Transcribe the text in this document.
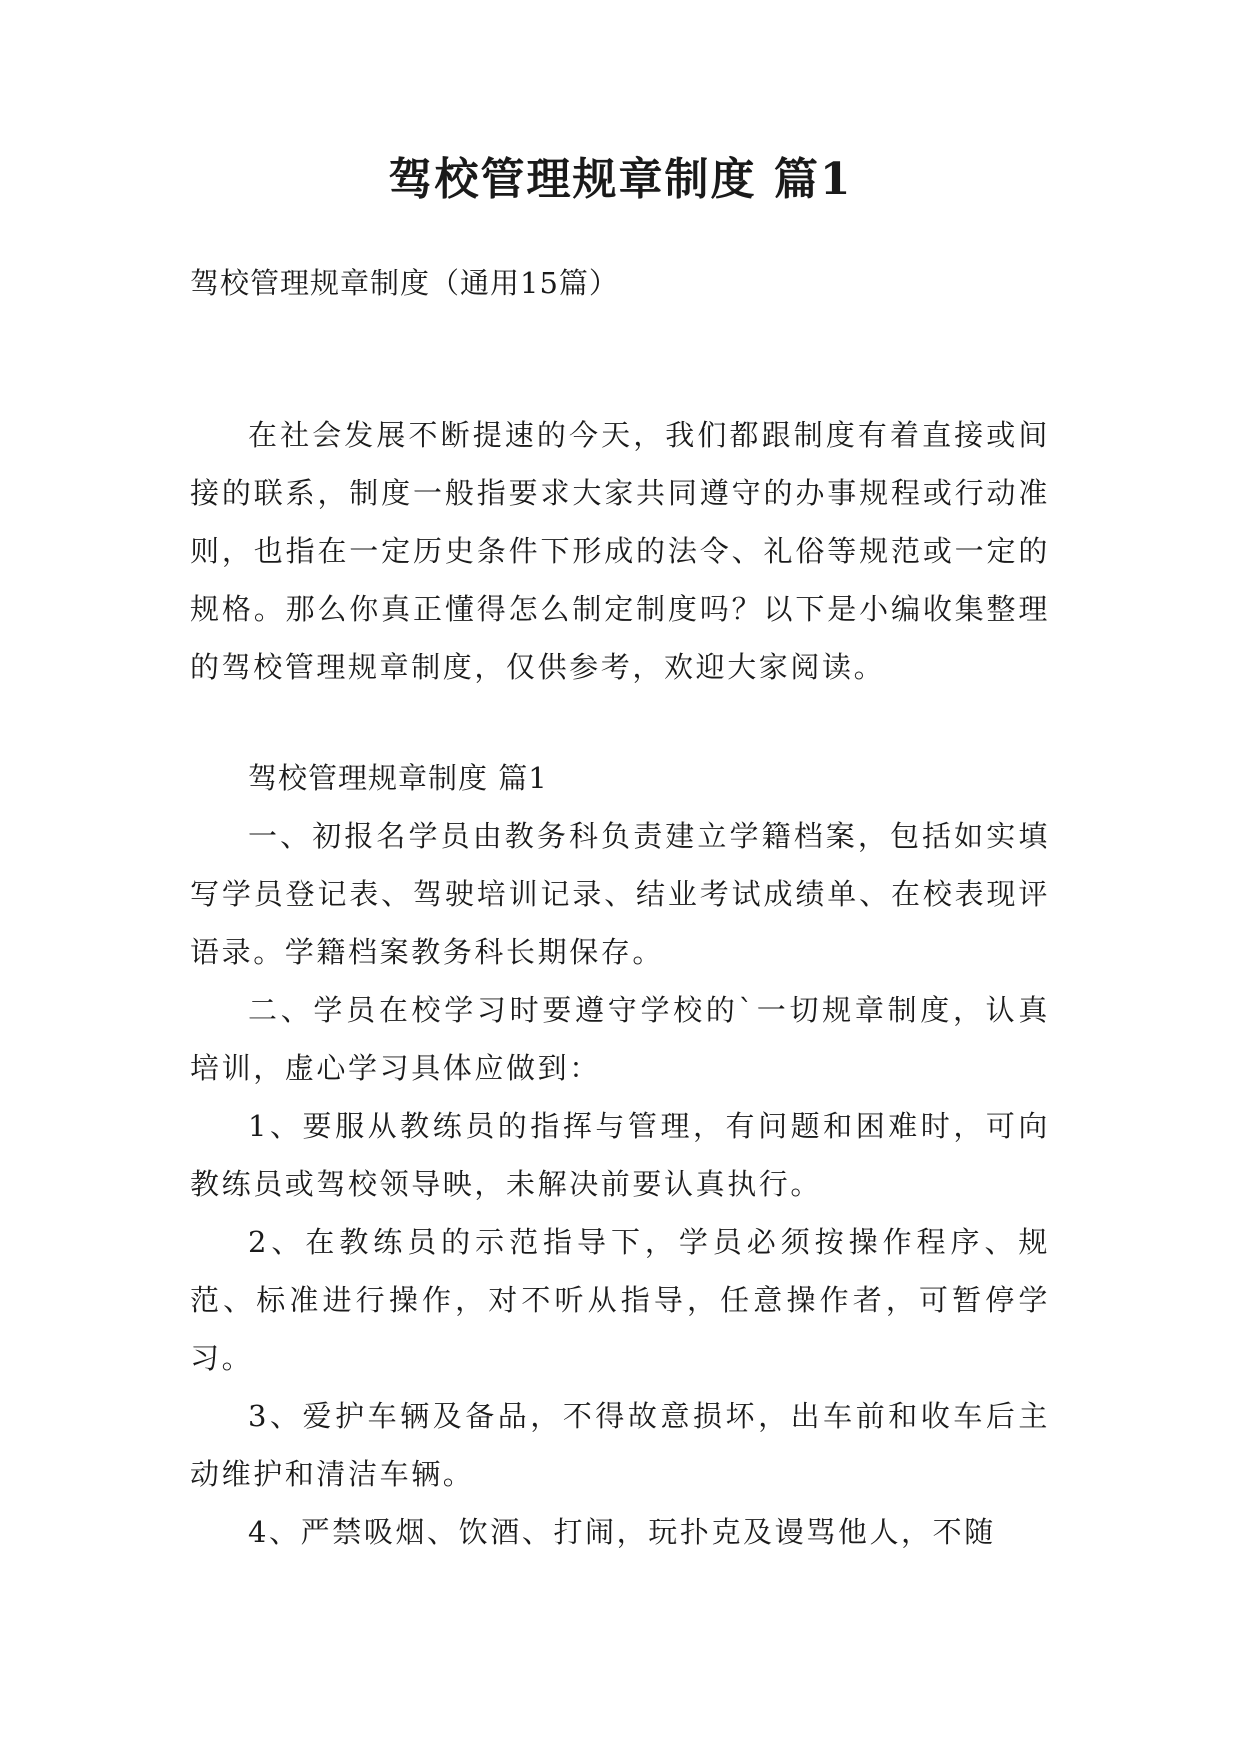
驾校管理规章制度 篇1

驾校管理规章制度（通用15篇）

在社会发展不断提速的今天，我们都跟制度有着直接或间接的联系，制度一般指要求大家共同遵守的办事规程或行动准则，也指在一定历史条件下形成的法令、礼俗等规范或一定的规格。那么你真正懂得怎么制定制度吗？以下是小编收集整理的驾校管理规章制度，仅供参考，欢迎大家阅读。

驾校管理规章制度 篇1

一、初报名学员由教务科负责建立学籍档案，包括如实填写学员登记表、驾驶培训记录、结业考试成绩单、在校表现评语录。学籍档案教务科长期保存。

二、学员在校学习时要遵守学校的`一切规章制度，认真培训，虚心学习具体应做到：

1、要服从教练员的指挥与管理，有问题和困难时，可向教练员或驾校领导映，未解决前要认真执行。

2、在教练员的示范指导下，学员必须按操作程序、规范、标准进行操作，对不听从指导，任意操作者，可暂停学习。

3、爱护车辆及备品，不得故意损坏，出车前和收车后主动维护和清洁车辆。

4、严禁吸烟、饮酒、打闹，玩扑克及谩骂他人，不随
